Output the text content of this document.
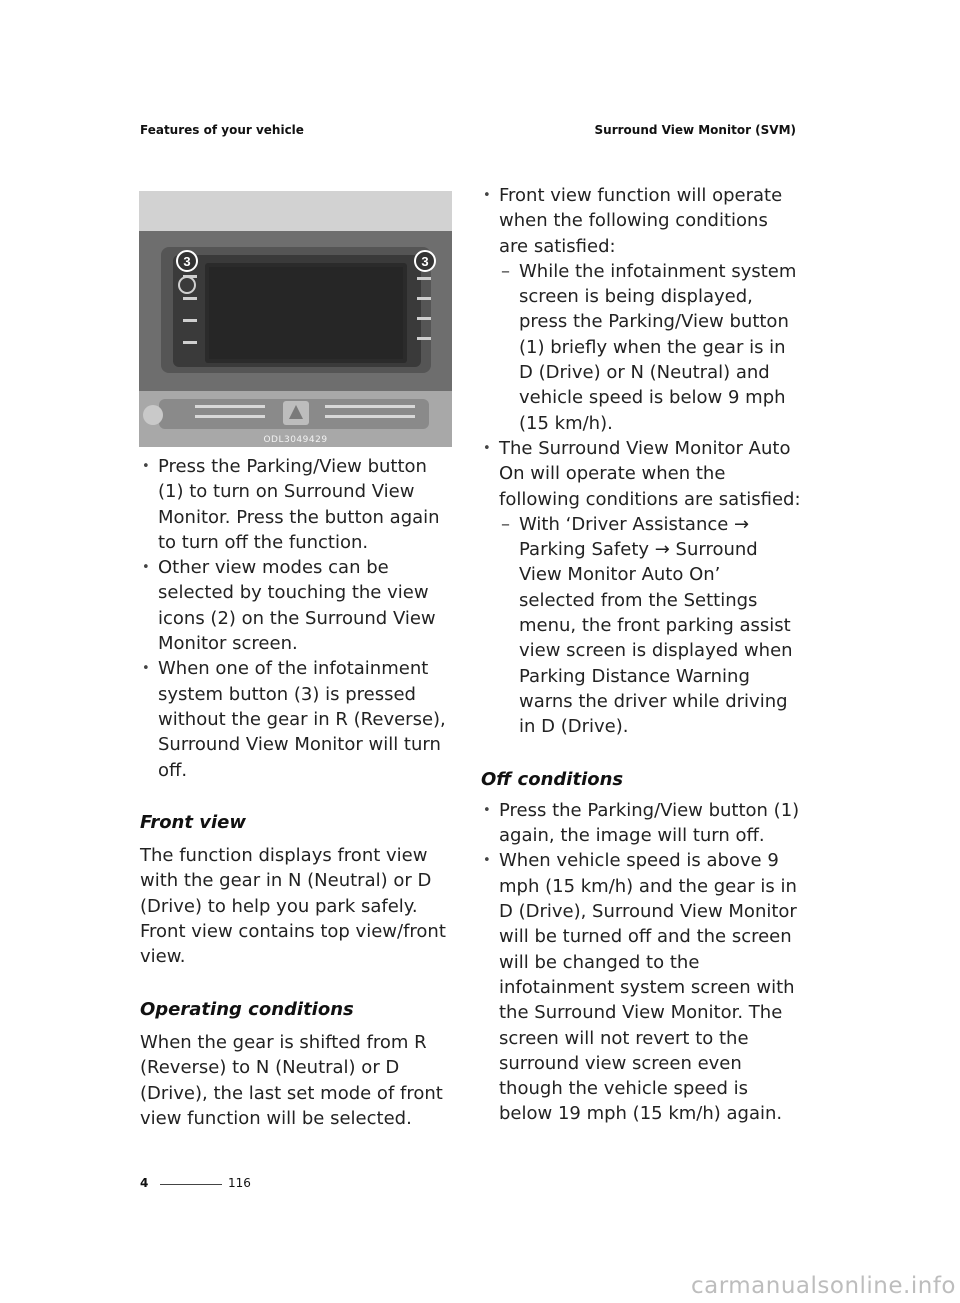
Features of your vehicle	Surround View Monitor (SVM)
3	3
ODL3049429
• Press the Parking/View button (1) to turn on Surround View Monitor. Press the button again to turn off the function.
• Other view modes can be selected by touching the view icons (2) on the Surround View Monitor screen.
• When one of the infotainment system button (3) is pressed without the gear in R (Reverse), Surround View Monitor will turn off.
Front view

The function displays front view with the gear in N (Neutral) or D (Drive) to help you park safely. Front view contains top view/front view.

Operating conditions

When the gear is shifted from R (Reverse) to N (Neutral) or D (Drive), the last set mode of front view function will be selected.

• Front view function will operate when the following conditions are satisfied:
– While the infotainment system screen is being displayed, press the Parking/View button (1) briefly when the gear is in D (Drive) or N (Neutral) and vehicle speed is below 9 mph (15 km/h).
• The Surround View Monitor Auto On will operate when the following conditions are satisfied:
– With ‘Driver Assistance → Parking Safety → Surround View Monitor Auto On’ selected from the Settings menu, the front parking assist view screen is displayed when Parking Distance Warning warns the driver while driving in D (Drive).
Off conditions
• Press the Parking/View button (1) again, the image will turn off.
• When vehicle speed is above 9 mph (15 km/h) and the gear is in D (Drive), Surround View Monitor will be turned off and the screen will be changed to the infotainment system screen with the Surround View Monitor. The screen will not revert to the surround view screen even though the vehicle speed is below 19 mph (15 km/h) again.
4	116
carmanualsonline.info
